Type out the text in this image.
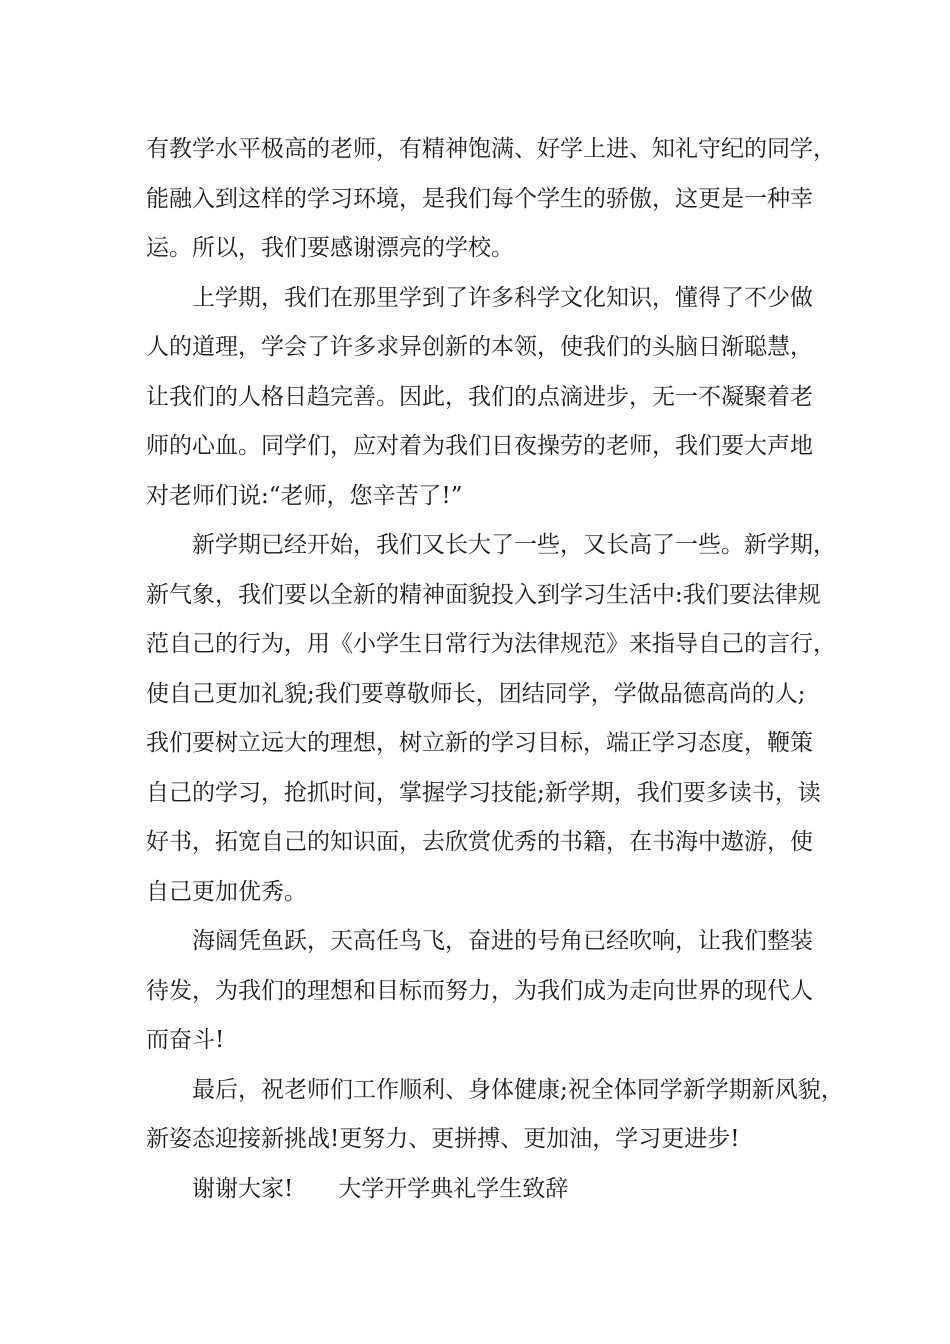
有教学水平极高的老师，有精神饱满、好学上进、知礼守纪的同学，
能融入到这样的学习环境，是我们每个学生的骄傲，这更是一种幸
运。所以，我们要感谢漂亮的学校。
上学期，我们在那里学到了许多科学文化知识，懂得了不少做
人的道理，学会了许多求异创新的本领，使我们的头脑日渐聪慧，
让我们的人格日趋完善。因此，我们的点滴进步，无一不凝聚着老
师的心血。同学们，应对着为我们日夜操劳的老师，我们要大声地
对老师们说:“老师，您辛苦了!”
新学期已经开始，我们又长大了一些，又长高了一些。新学期，
新气象，我们要以全新的精神面貌投入到学习生活中:我们要法律规
范自己的行为，用《小学生日常行为法律规范》来指导自己的言行，
使自己更加礼貌;我们要尊敬师长，团结同学，学做品德高尚的人;
我们要树立远大的理想，树立新的学习目标，端正学习态度，鞭策
自己的学习，抢抓时间，掌握学习技能;新学期，我们要多读书，读
好书，拓宽自己的知识面，去欣赏优秀的书籍，在书海中遨游，使
自己更加优秀。
海阔凭鱼跃，天高任鸟飞，奋进的号角已经吹响，让我们整装
待发，为我们的理想和目标而努力，为我们成为走向世界的现代人
而奋斗!
最后，祝老师们工作顺利、身体健康;祝全体同学新学期新风貌，
新姿态迎接新挑战!更努力、更拼搏、更加油，学习更进步!
谢谢大家! 大学开学典礼学生致辞
